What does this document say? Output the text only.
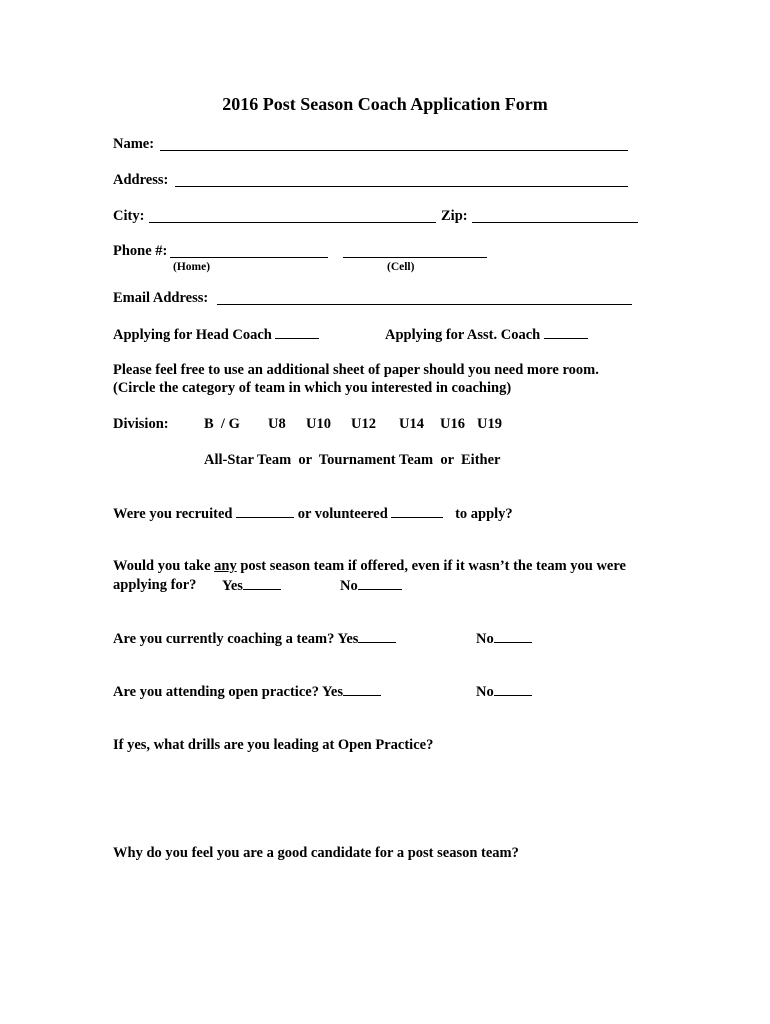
2016 Post Season Coach Application Form
Name:
Address:
City:	Zip:
Phone #:
(Home)	(Cell)
Email Address:
Applying for Head Coach	Applying for Asst. Coach
Please feel free to use an additional sheet of paper should you need more room.
(Circle the category of team in which you interested in coaching)
Division: B  / G U8 U10 U12 U14 U16 U19
All-Star Team  or  Tournament Team  or  Either
Were you recruited	or volunteered	to apply?
Would you take any post season team if offered, even if it wasn’t the team you were
applying for? Yes	No
Are you currently coaching a team? Yes	No
Are you attending open practice? Yes	No
If yes, what drills are you leading at Open Practice?
Why do you feel you are a good candidate for a post season team?
